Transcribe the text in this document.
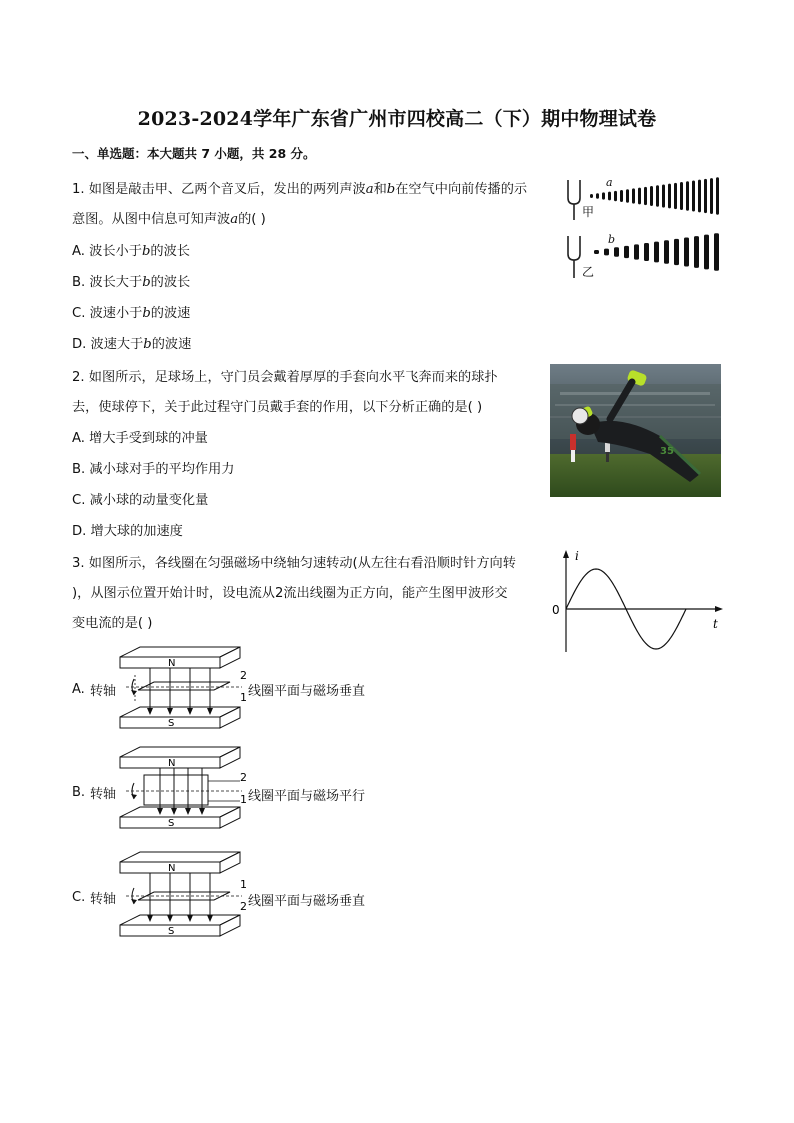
2023-2024学年广东省广州市四校高二（下）期中物理试卷
一、单选题：本大题共 7 小题，共 28 分。
1. 如图是敲击甲、乙两个音叉后，发出的两列声波a和b在空气中向前传播的示
意图。从图中信息可知声波a的( )
A. 波长小于b的波长
B. 波长大于b的波长
C. 波速小于b的波速
D. 波速大于b的波速
甲
a
乙
b
2. 如图所示，足球场上，守门员会戴着厚厚的手套向水平飞奔而来的球扑
去，使球停下，关于此过程守门员戴手套的作用，以下分析正确的是( )
A. 增大手受到球的冲量
B. 减小球对手的平均作用力
C. 减小球的动量变化量
D. 增大球的加速度
35
3. 如图所示，各线圈在匀强磁场中绕轴匀速转动(从左往右看沿顺时针方向转
)，从图示位置开始计时，设电流从2流出线圈为正方向，能产生图甲波形交
变电流的是( )
i
t
0
A. 转轴	线圈平面与磁场垂直
N
S
2
1
B. 转轴	线圈平面与磁场平行
N
S
2
1
C. 转轴	线圈平面与磁场垂直
N
S
1
2
